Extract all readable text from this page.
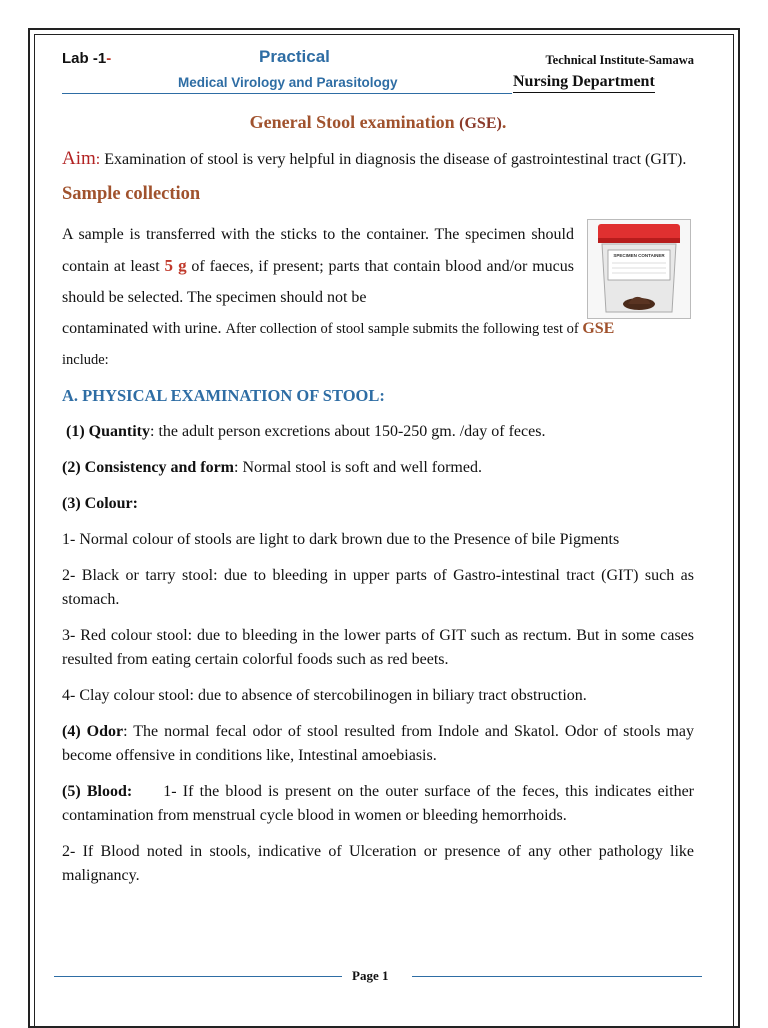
Lab -1-	Practical
Medical Virology and Parasitology
Technical Institute-Samawa
Nursing Department
General Stool examination (GSE).

Aim: Examination of stool is very helpful in diagnosis the disease of gastrointestinal tract (GIT).

Sample collection
A sample is transferred with the sticks to the container. The specimen should contain at least 5 g of faeces, if present; parts that contain blood and/or mucus should be selected. The specimen should not be
SPECIMEN CONTAINER
contaminated with urine. After collection of stool sample submits the following test of GSE
include:
A. PHYSICAL EXAMINATION OF STOOL:

(1) Quantity: the adult person excretions about 150-250 gm. /day of feces.

(2) Consistency and form: Normal stool is soft and well formed.

(3) Colour:

1- Normal colour of stools are light to dark brown due to the Presence of bile Pigments

2- Black or tarry stool: due to bleeding in upper parts of Gastro-intestinal tract (GIT) such as stomach.

3- Red colour stool: due to bleeding in the lower parts of GIT such as rectum. But in some cases resulted from eating certain colorful foods such as red beets.

4- Clay colour stool: due to absence of stercobilinogen in biliary tract obstruction.

(4) Odor: The normal fecal odor of stool resulted from Indole and Skatol. Odor of stools may become offensive in conditions like, Intestinal amoebiasis.

(5) Blood:     1- If the blood is present on the outer surface of the feces, this indicates either contamination from menstrual cycle blood in women or bleeding hemorrhoids.

2- If Blood noted in stools, indicative of Ulceration or presence of any other pathology like malignancy.

Page 1
